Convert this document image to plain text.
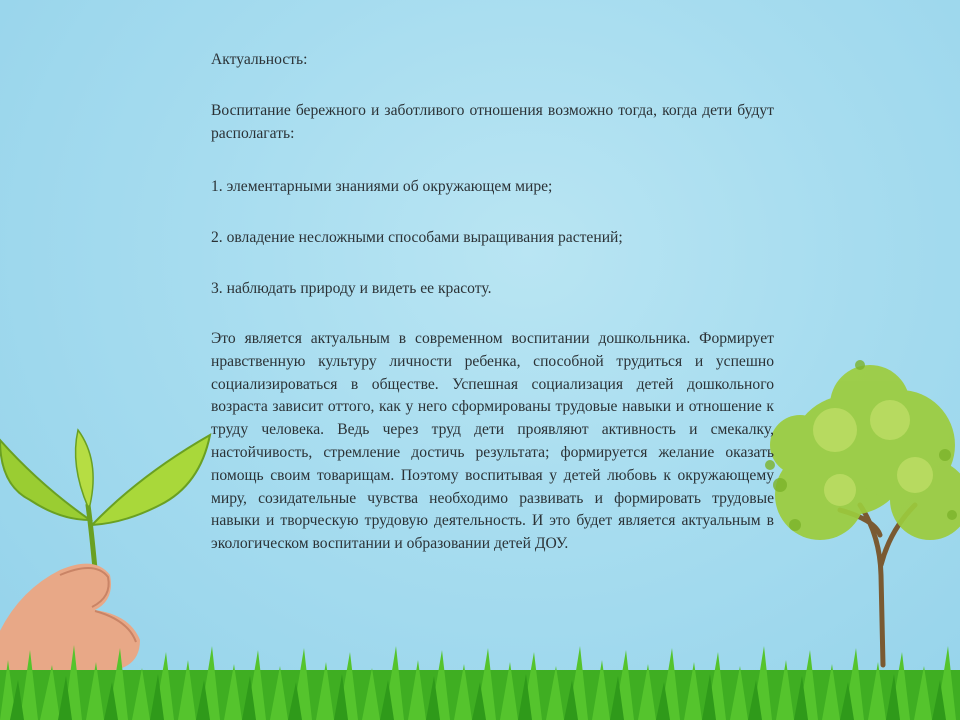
Актуальность:

Воспитание бережного и заботливого отношения возможно тогда, когда дети будут располагать:

1. элементарными знаниями об окружающем мире;

2. овладение несложными способами выращивания растений;

3. наблюдать природу и видеть ее красоту.

Это является актуальным в современном воспитании дошкольника. Формирует нравственную культуру личности ребенка, способной трудиться и успешно социализироваться в обществе. Успешная социализация детей дошкольного возраста зависит оттого, как у него сформированы трудовые навыки и отношение к труду человека. Ведь через труд дети проявляют активность и смекалку, настойчивость, стремление достичь результата; формируется желание оказать помощь своим товарищам. Поэтому воспитывая у детей любовь к окружающему миру, созидательные чувства необходимо развивать и формировать трудовые навыки и творческую трудовую деятельность. И это будет является актуальным в экологическом воспитании и образовании детей ДОУ.
